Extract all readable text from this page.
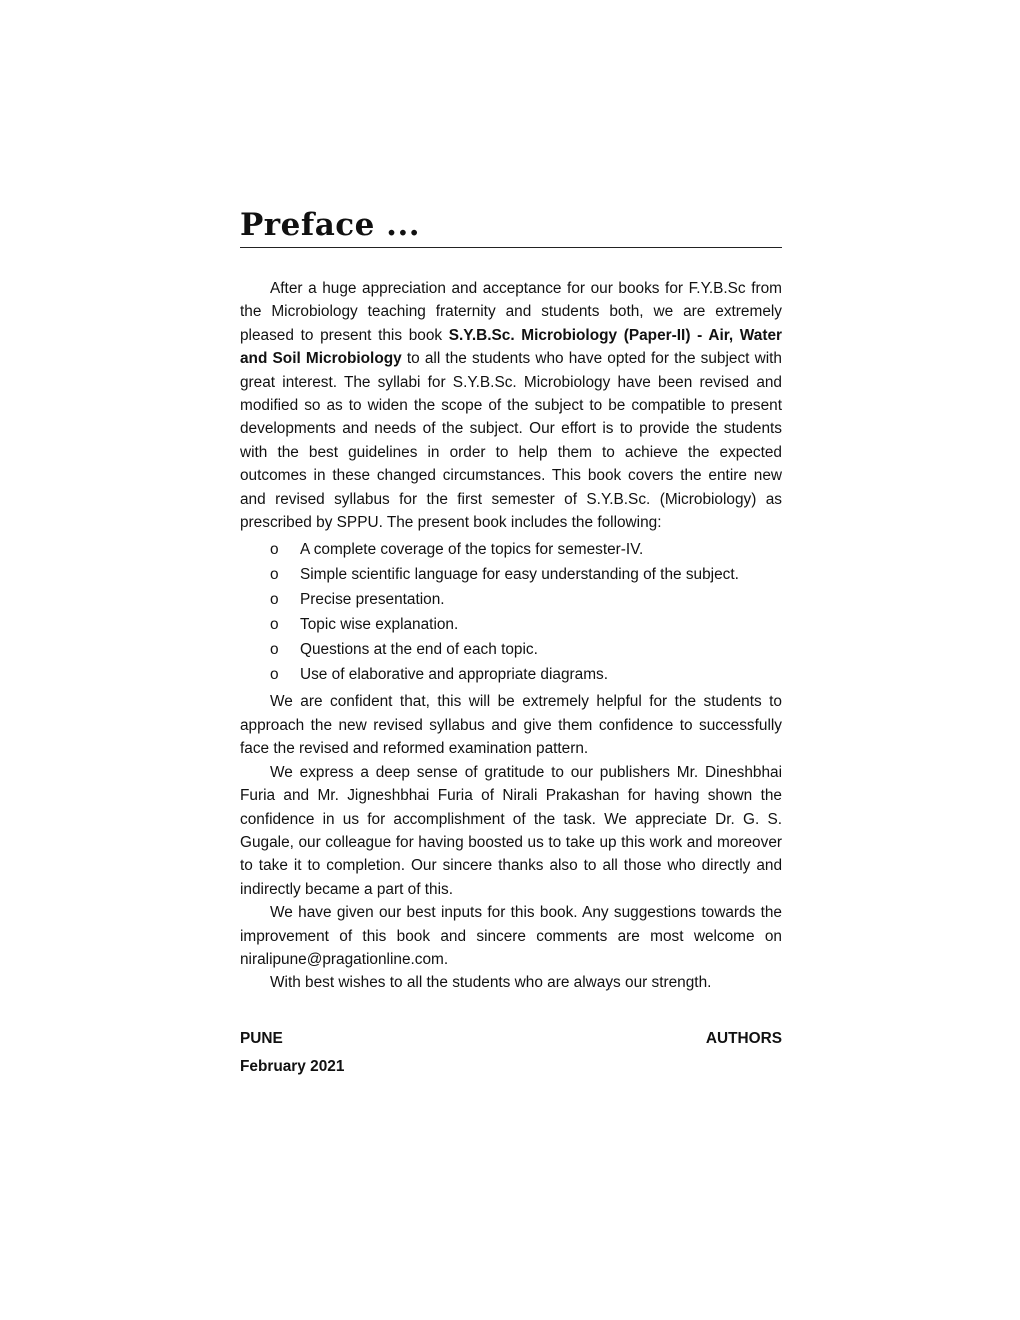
Preface ...

After a huge appreciation and acceptance for our books for F.Y.B.Sc from the Microbiology teaching fraternity and students both, we are extremely pleased to present this book S.Y.B.Sc. Microbiology (Paper-II) - Air, Water and Soil Microbiology to all the students who have opted for the subject with great interest. The syllabi for S.Y.B.Sc. Microbiology have been revised and modified so as to widen the scope of the subject to be compatible to present developments and needs of the subject. Our effort is to provide the students with the best guidelines in order to help them to achieve the expected outcomes in these changed circumstances. This book covers the entire new and revised syllabus for the first semester of S.Y.B.Sc. (Microbiology) as prescribed by SPPU. The present book includes the following:

o A complete coverage of the topics for semester-IV.
o Simple scientific language for easy understanding of the subject.
o Precise presentation.
o Topic wise explanation.
o Questions at the end of each topic.
o Use of elaborative and appropriate diagrams.

We are confident that, this will be extremely helpful for the students to approach the new revised syllabus and give them confidence to successfully face the revised and reformed examination pattern.

We express a deep sense of gratitude to our publishers Mr. Dineshbhai Furia and Mr. Jigneshbhai Furia of Nirali Prakashan for having shown the confidence in us for accomplishment of the task. We appreciate Dr. G. S. Gugale, our colleague for having boosted us to take up this work and moreover to take it to completion. Our sincere thanks also to all those who directly and indirectly became a part of this.

We have given our best inputs for this book. Any suggestions towards the improvement of this book and sincere comments are most welcome on niralipune@pragationline.com.

With best wishes to all the students who are always our strength.

PUNE	AUTHORS
February 2021
